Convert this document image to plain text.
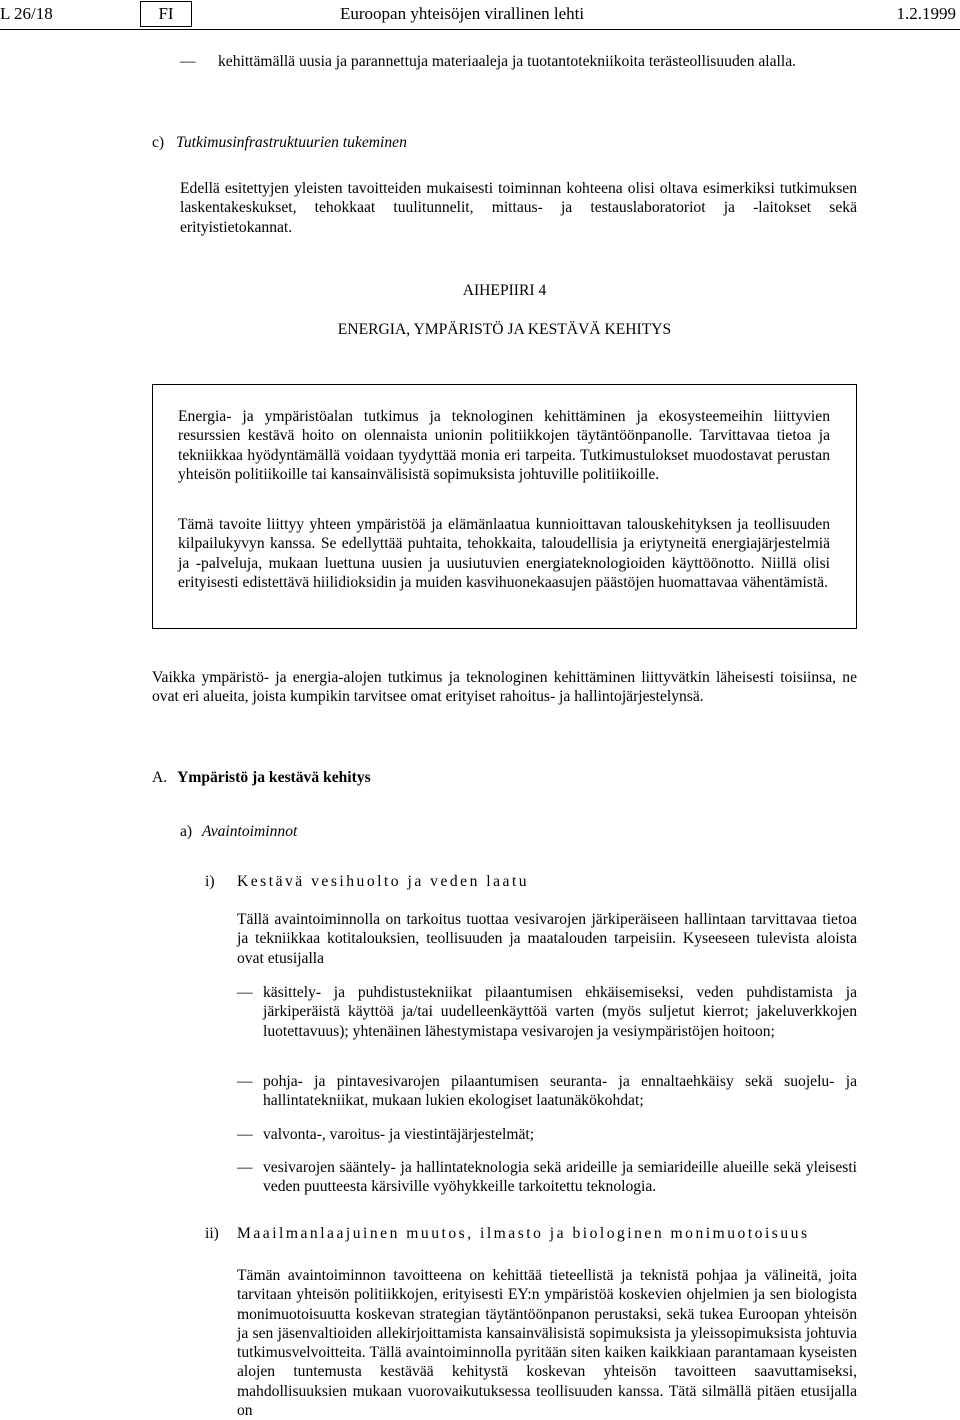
L 26/18	FI	Euroopan yhteisöjen virallinen lehti	1.2.1999
— kehittämällä uusia ja parannettuja materiaaleja ja tuotantotekniikoita terästeollisuuden alalla.
c) Tutkimusinfrastruktuurien tukeminen
Edellä esitettyjen yleisten tavoitteiden mukaisesti toiminnan kohteena olisi oltava esimerkiksi tutkimuksen laskentakeskukset, tehokkaat tuulitunnelit, mittaus- ja testauslaboratoriot ja -laitokset sekä erityistietokannat.
AIHEPIIRI 4
ENERGIA, YMPÄRISTÖ JA KESTÄVÄ KEHITYS
Energia- ja ympäristöalan tutkimus ja teknologinen kehittäminen ja ekosysteemeihin liittyvien resurssien kestävä hoito on olennaista unionin politiikkojen täytäntöönpanolle. Tarvittavaa tietoa ja tekniikkaa hyödyntämällä voidaan tyydyttää monia eri tarpeita. Tutkimustulokset muodostavat perustan yhteisön politiikoille tai kansainvälisistä sopimuksista johtuville politiikoille.
Tämä tavoite liittyy yhteen ympäristöä ja elämänlaatua kunnioittavan talouskehityksen ja teollisuuden kilpailukyvyn kanssa. Se edellyttää puhtaita, tehokkaita, taloudellisia ja eriytyneitä energiajärjestelmiä ja -palveluja, mukaan luettuna uusien ja uusiutuvien energiateknologioiden käyttöönotto. Niillä olisi erityisesti edistettävä hiilidioksidin ja muiden kasvihuonekaasujen päästöjen huomattavaa vähentämistä.
Vaikka ympäristö- ja energia-alojen tutkimus ja teknologinen kehittäminen liittyvätkin läheisesti toisiinsa, ne ovat eri alueita, joista kumpikin tarvitsee omat erityiset rahoitus- ja hallintojärjestelynsä.
A. Ympäristö ja kestävä kehitys
a) Avaintoiminnot
i) Kestävä vesihuolto ja veden laatu
Tällä avaintoiminnolla on tarkoitus tuottaa vesivarojen järkiperäiseen hallintaan tarvittavaa tietoa ja tekniikkaa kotitalouksien, teollisuuden ja maatalouden tarpeisiin. Kyseeseen tulevista aloista ovat etusijalla
— käsittely- ja puhdistustekniikat pilaantumisen ehkäisemiseksi, veden puhdistamista ja järkiperäistä käyttöä ja/tai uudelleenkäyttöä varten (myös suljetut kierrot; jakeluverkkojen luotettavuus); yhtenäinen lähestymistapa vesivarojen ja vesiympäristöjen hoitoon;
— pohja- ja pintavesivarojen pilaantumisen seuranta- ja ennaltaehkäisy sekä suojelu- ja hallintatekniikat, mukaan lukien ekologiset laatunäkökohdat;
— valvonta-, varoitus- ja viestintäjärjestelmät;
— vesivarojen sääntely- ja hallintateknologia sekä arideille ja semiarideille alueille sekä yleisesti veden puutteesta kärsiville vyöhykkeille tarkoitettu teknologia.
ii) Maailmanlaajuinen muutos, ilmasto ja biologinen monimuotoisuus
Tämän avaintoiminnon tavoitteena on kehittää tieteellistä ja teknistä pohjaa ja välineitä, joita tarvitaan yhteisön politiikkojen, erityisesti EY:n ympäristöä koskevien ohjelmien ja sen biologista monimuotoisuutta koskevan strategian täytäntöönpanon perustaksi, sekä tukea Euroopan yhteisön ja sen jäsenvaltioiden allekirjoittamista kansainvälisistä sopimuksista ja yleissopimuksista johtuvia tutkimusvelvoitteita. Tällä avaintoiminnolla pyritään siten kaiken kaikkiaan parantamaan kyseisten alojen tuntemusta kestävää kehitystä koskevan yhteisön tavoitteen saavuttamiseksi, mahdollisuuksien mukaan vuorovaikutuksessa teollisuuden kanssa. Tätä silmällä pitäen etusijalla on
